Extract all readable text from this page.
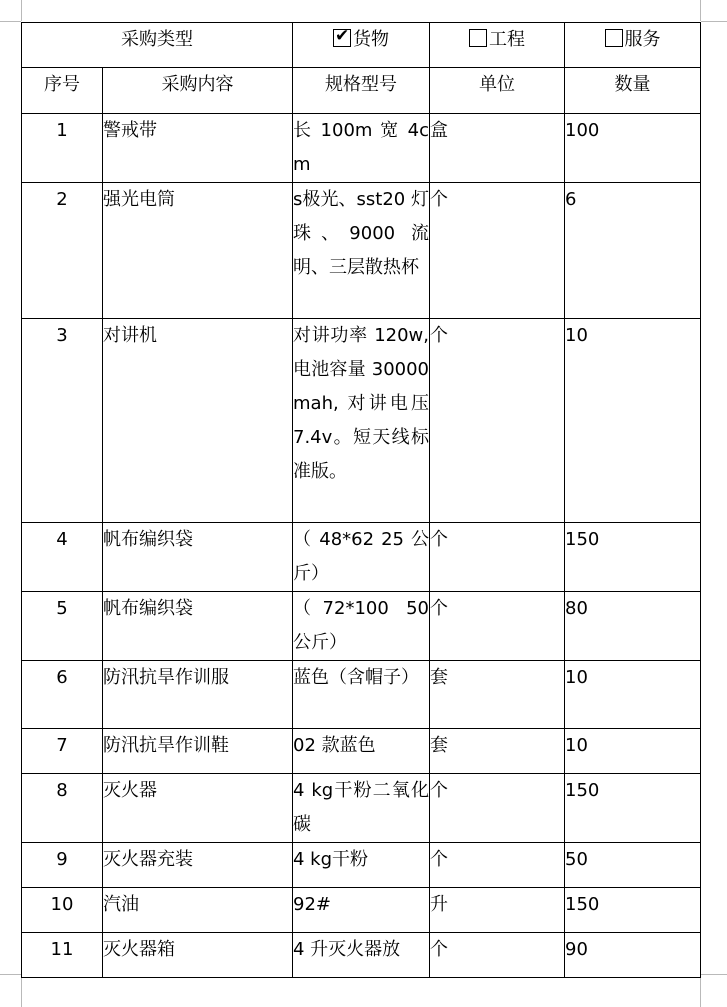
采购类型	✔货物	工程	服务
序号	采购内容	规格型号	单位	数量
1	警戒带	长 100m 宽 4cm	盒	100
2	强光电筒	s极光、sst20 灯珠、9000 流明、三层散热杯	个	6
3	对讲机	对讲功率 120w,电池容量 30000mah, 对讲电压 7.4v。短天线标准版。	个	10
4	帆布编织袋	（ 48*62 25 公斤）	个	150
5	帆布编织袋	（72*100 50 公斤）	个	80
6	防汛抗旱作训服	蓝色（含帽子）	套	10
7	防汛抗旱作训鞋	02 款蓝色	套	10
8	灭火器	4 kg干粉二氧化碳	个	150
9	灭火器充装	4 kg干粉	个	50
10	汽油	92#	升	150
11	灭火器箱	4 升灭火器放	个	90
